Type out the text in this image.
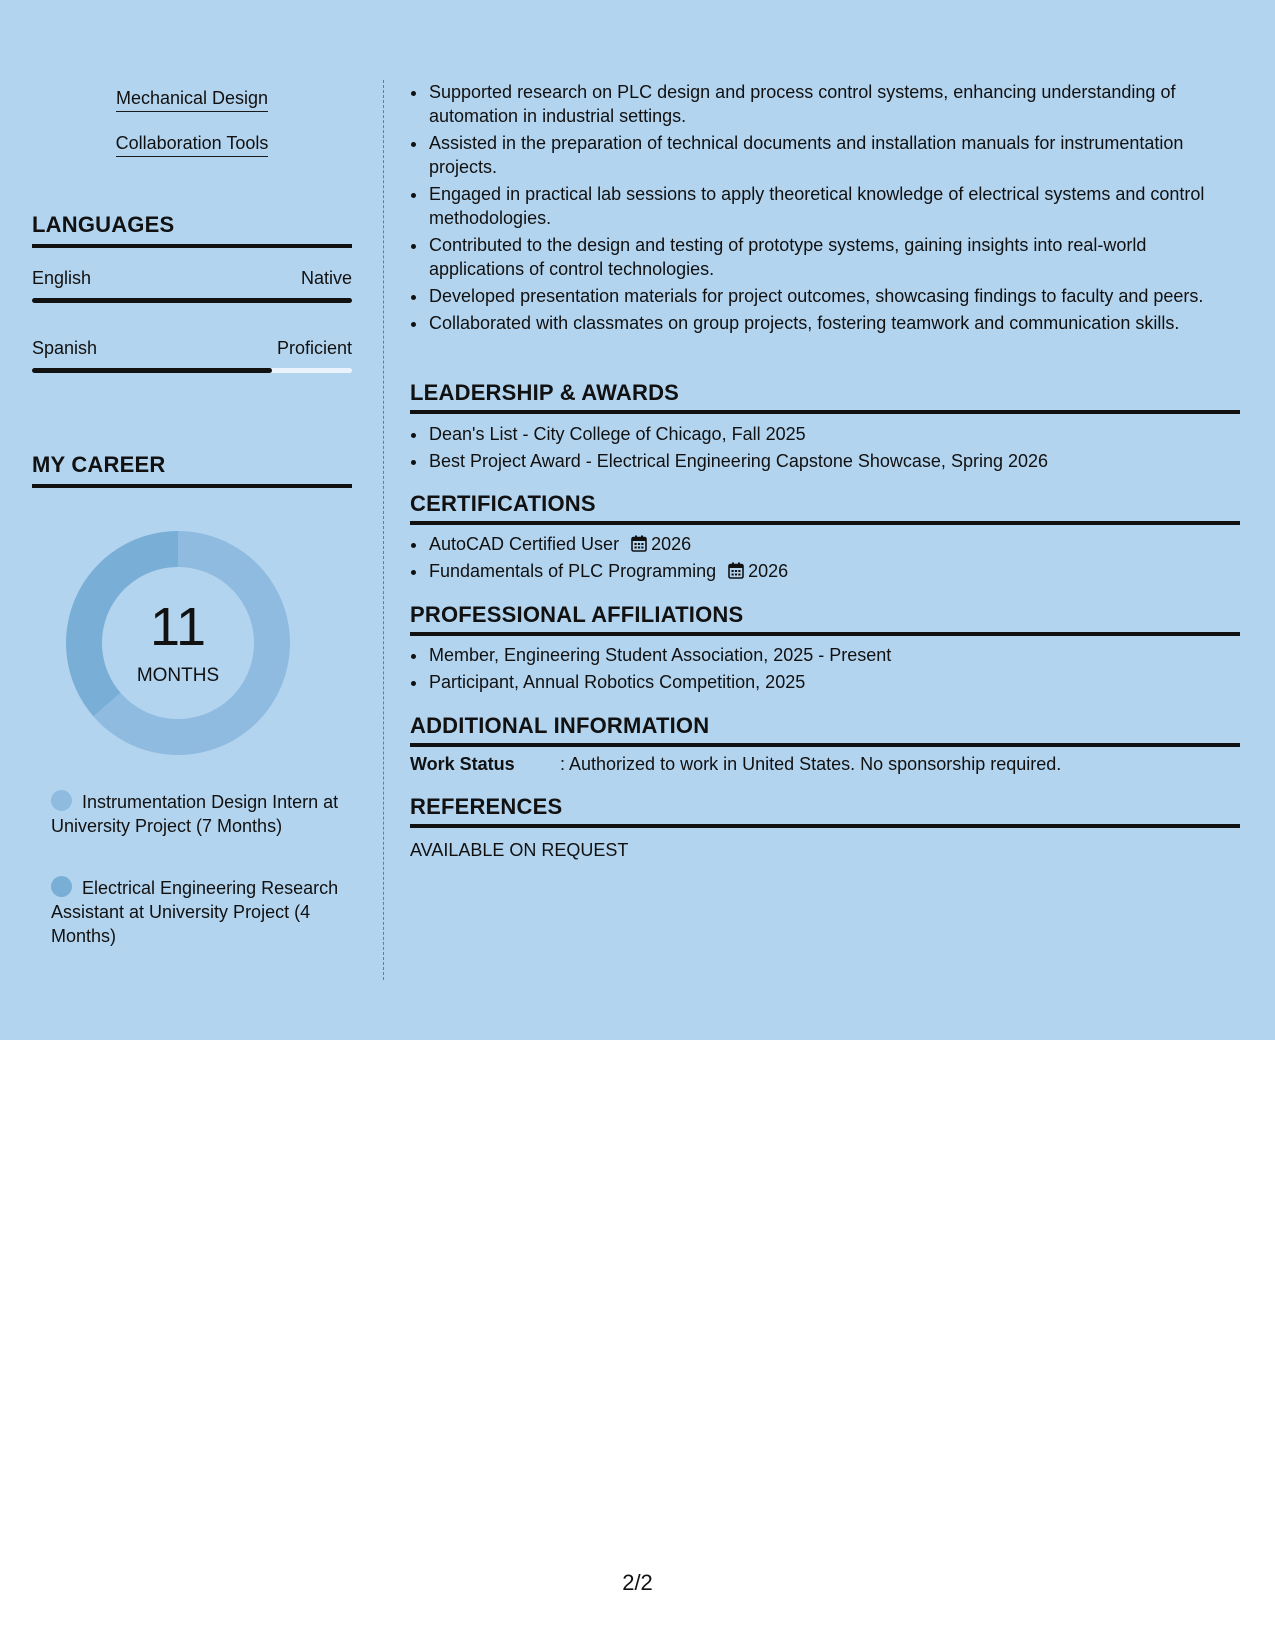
Mechanical Design
Collaboration Tools
LANGUAGES
English	Native
Spanish	Proficient
MY CAREER
11
MONTHS
Instrumentation Design Intern at University Project (7 Months)
Electrical Engineering Research Assistant at University Project (4 Months)
• Supported research on PLC design and process control systems, enhancing understanding of automation in industrial settings.
• Assisted in the preparation of technical documents and installation manuals for instrumentation projects.
• Engaged in practical lab sessions to apply theoretical knowledge of electrical systems and control methodologies.
• Contributed to the design and testing of prototype systems, gaining insights into real-world applications of control technologies.
• Developed presentation materials for project outcomes, showcasing findings to faculty and peers.
• Collaborated with classmates on group projects, fostering teamwork and communication skills.
LEADERSHIP & AWARDS
• Dean's List - City College of Chicago, Fall 2025
• Best Project Award - Electrical Engineering Capstone Showcase, Spring 2026
CERTIFICATIONS
• AutoCAD Certified User 2026
• Fundamentals of PLC Programming 2026
PROFESSIONAL AFFILIATIONS
• Member, Engineering Student Association, 2025 - Present
• Participant, Annual Robotics Competition, 2025
ADDITIONAL INFORMATION
Work Status	: Authorized to work in United States. No sponsorship required.
REFERENCES
AVAILABLE ON REQUEST
2/2
